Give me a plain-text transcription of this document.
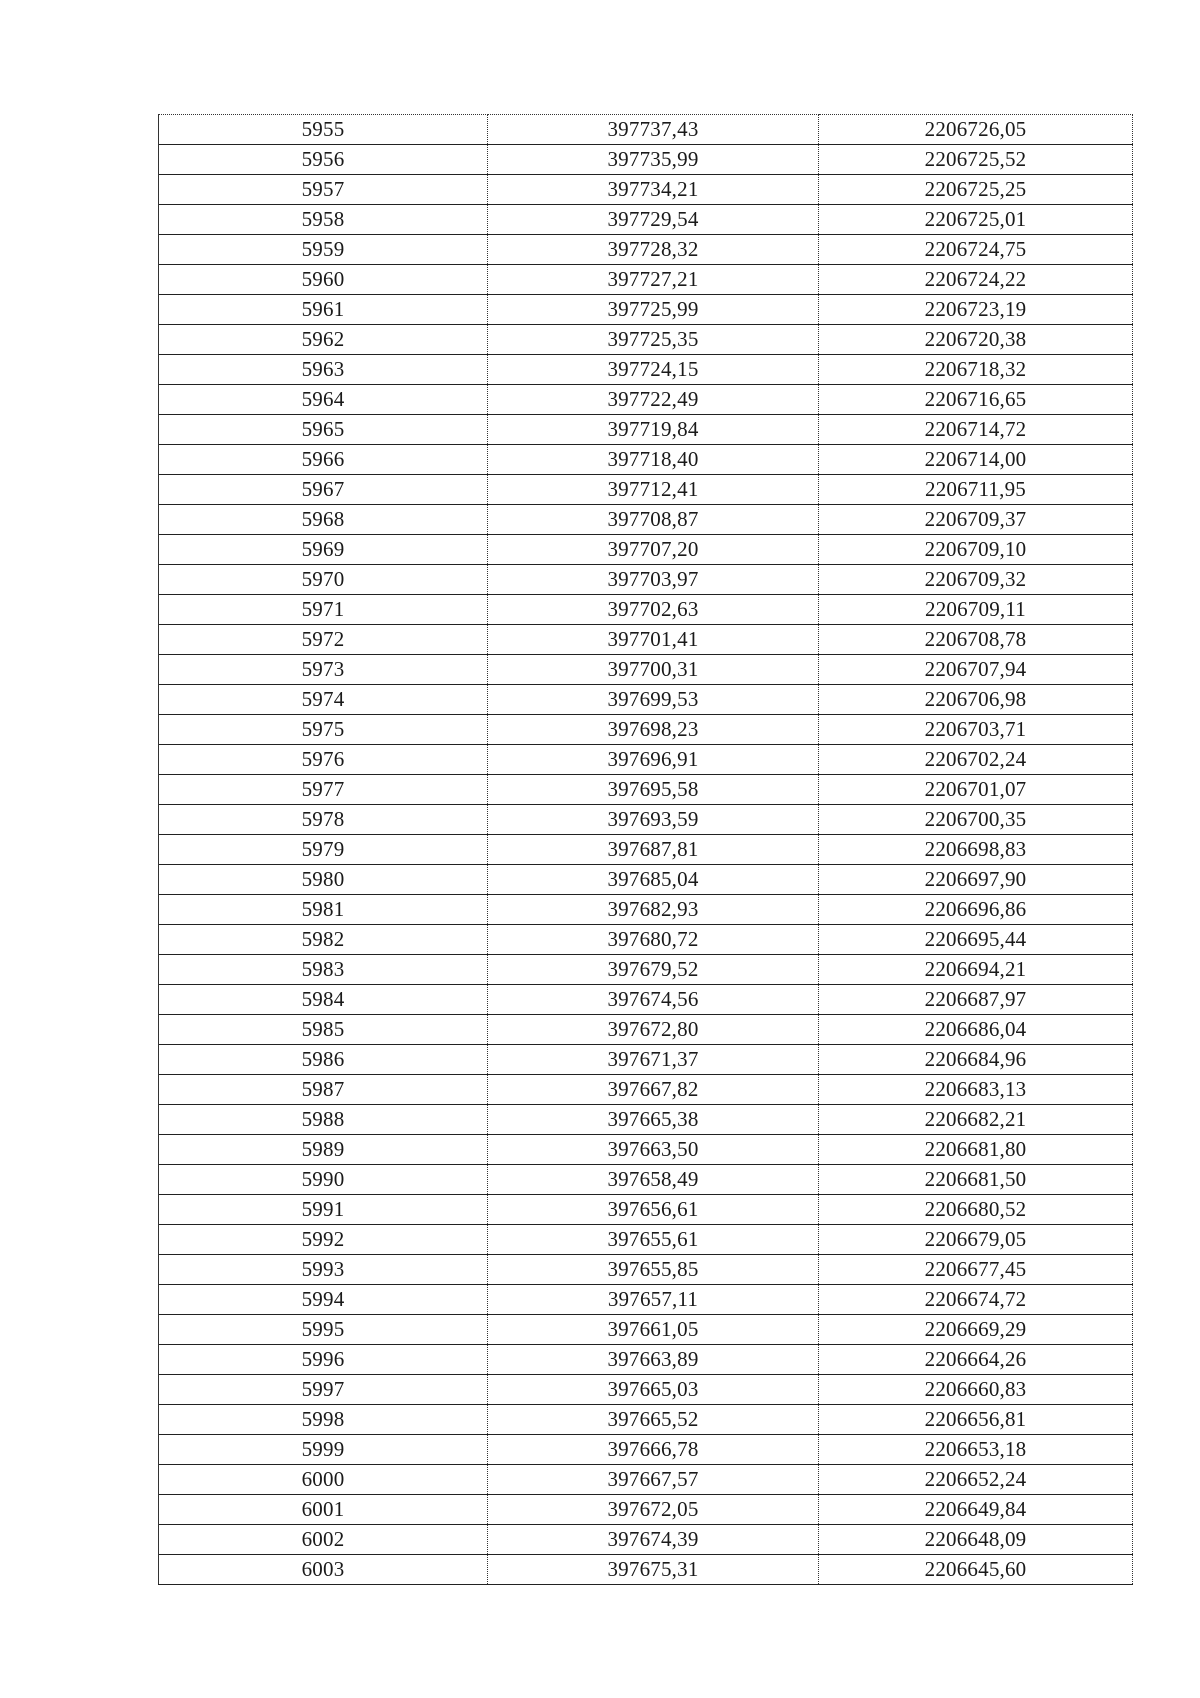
5955	397737,43	2206726,05
5956	397735,99	2206725,52
5957	397734,21	2206725,25
5958	397729,54	2206725,01
5959	397728,32	2206724,75
5960	397727,21	2206724,22
5961	397725,99	2206723,19
5962	397725,35	2206720,38
5963	397724,15	2206718,32
5964	397722,49	2206716,65
5965	397719,84	2206714,72
5966	397718,40	2206714,00
5967	397712,41	2206711,95
5968	397708,87	2206709,37
5969	397707,20	2206709,10
5970	397703,97	2206709,32
5971	397702,63	2206709,11
5972	397701,41	2206708,78
5973	397700,31	2206707,94
5974	397699,53	2206706,98
5975	397698,23	2206703,71
5976	397696,91	2206702,24
5977	397695,58	2206701,07
5978	397693,59	2206700,35
5979	397687,81	2206698,83
5980	397685,04	2206697,90
5981	397682,93	2206696,86
5982	397680,72	2206695,44
5983	397679,52	2206694,21
5984	397674,56	2206687,97
5985	397672,80	2206686,04
5986	397671,37	2206684,96
5987	397667,82	2206683,13
5988	397665,38	2206682,21
5989	397663,50	2206681,80
5990	397658,49	2206681,50
5991	397656,61	2206680,52
5992	397655,61	2206679,05
5993	397655,85	2206677,45
5994	397657,11	2206674,72
5995	397661,05	2206669,29
5996	397663,89	2206664,26
5997	397665,03	2206660,83
5998	397665,52	2206656,81
5999	397666,78	2206653,18
6000	397667,57	2206652,24
6001	397672,05	2206649,84
6002	397674,39	2206648,09
6003	397675,31	2206645,60
